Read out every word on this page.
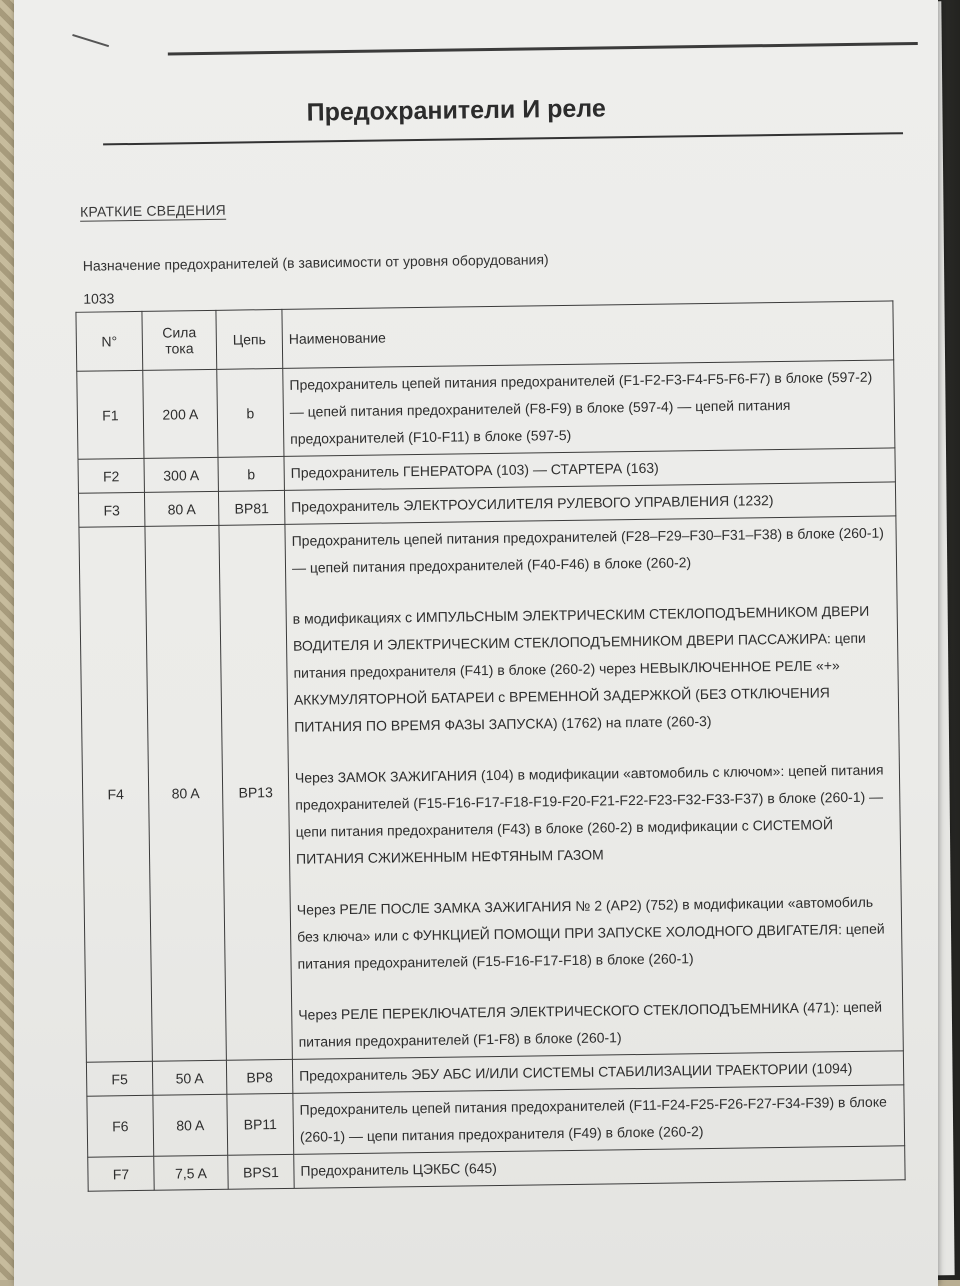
Предохранители И реле
КРАТКИЕ СВЕДЕНИЯ
Назначение предохранителей (в зависимости от уровня оборудования)
1033
N°	Сила тока	Цепь	Наименование
F1	200 A	b	Предохранитель цепей питания предохранителей (F1-F2-F3-F4-F5-F6-F7) в блоке (597-2) — цепей питания предохранителей (F8-F9) в блоке (597-4) — цепей питания предохранителей (F10-F11) в блоке (597-5)

F2	300 A	b	Предохранитель ГЕНЕРАТОРА (103) — СТАРТЕРА (163)

F3	80 A	BP81	Предохранитель ЭЛЕКТРОУСИЛИТЕЛЯ РУЛЕВОГО УПРАВЛЕНИЯ (1232)

F4	80 A	BP13	Предохранитель цепей питания предохранителей (F28–F29–F30–F31–F38) в блоке (260-1) — цепей питания предохранителей (F40-F46) в блоке (260-2)
в модификациях с ИМПУЛЬСНЫМ ЭЛЕКТРИЧЕСКИМ СТЕКЛОПОДЪЕМНИКОМ ДВЕРИ ВОДИТЕЛЯ И ЭЛЕКТРИЧЕСКИМ СТЕКЛОПОДЪЕМНИКОМ ДВЕРИ ПАССАЖИРА: цепи питания предохранителя (F41) в блоке (260-2) через НЕВЫКЛЮЧЕННОЕ РЕЛЕ «+» АККУМУЛЯТОРНОЙ БАТАРЕИ с ВРЕМЕННОЙ ЗАДЕРЖКОЙ (БЕЗ ОТКЛЮЧЕНИЯ ПИТАНИЯ ПО ВРЕМЯ ФАЗЫ ЗАПУСКА) (1762) на плате (260-3)
Через ЗАМОК ЗАЖИГАНИЯ (104) в модификации «автомобиль с ключом»: цепей питания предохранителей (F15-F16-F17-F18-F19-F20-F21-F22-F23-F32-F33-F37) в блоке (260-1) — цепи питания предохранителя (F43) в блоке (260-2) в модификации с СИСТЕМОЙ ПИТАНИЯ СЖИЖЕННЫМ НЕФТЯНЫМ ГАЗОМ
Через РЕЛЕ ПОСЛЕ ЗАМКА ЗАЖИГАНИЯ № 2 (AP2) (752) в модификации «автомобиль без ключа» или с ФУНКЦИЕЙ ПОМОЩИ ПРИ ЗАПУСКЕ ХОЛОДНОГО ДВИГАТЕЛЯ: цепей питания предохранителей (F15-F16-F17-F18) в блоке (260-1)
Через РЕЛЕ ПЕРЕКЛЮЧАТЕЛЯ ЭЛЕКТРИЧЕСКОГО СТЕКЛОПОДЪЕМНИКА (471): цепей питания предохранителей (F1-F8) в блоке (260-1)

F5	50 A	BP8	Предохранитель ЭБУ АБС И/ИЛИ СИСТЕМЫ СТАБИЛИЗАЦИИ ТРАЕКТОРИИ (1094)

F6	80 A	BP11	Предохранитель цепей питания предохранителей (F11-F24-F25-F26-F27-F34-F39) в блоке (260-1) — цепи питания предохранителя (F49) в блоке (260-2)

F7	7,5 A	BPS1	Предохранитель ЦЭКБС (645)
